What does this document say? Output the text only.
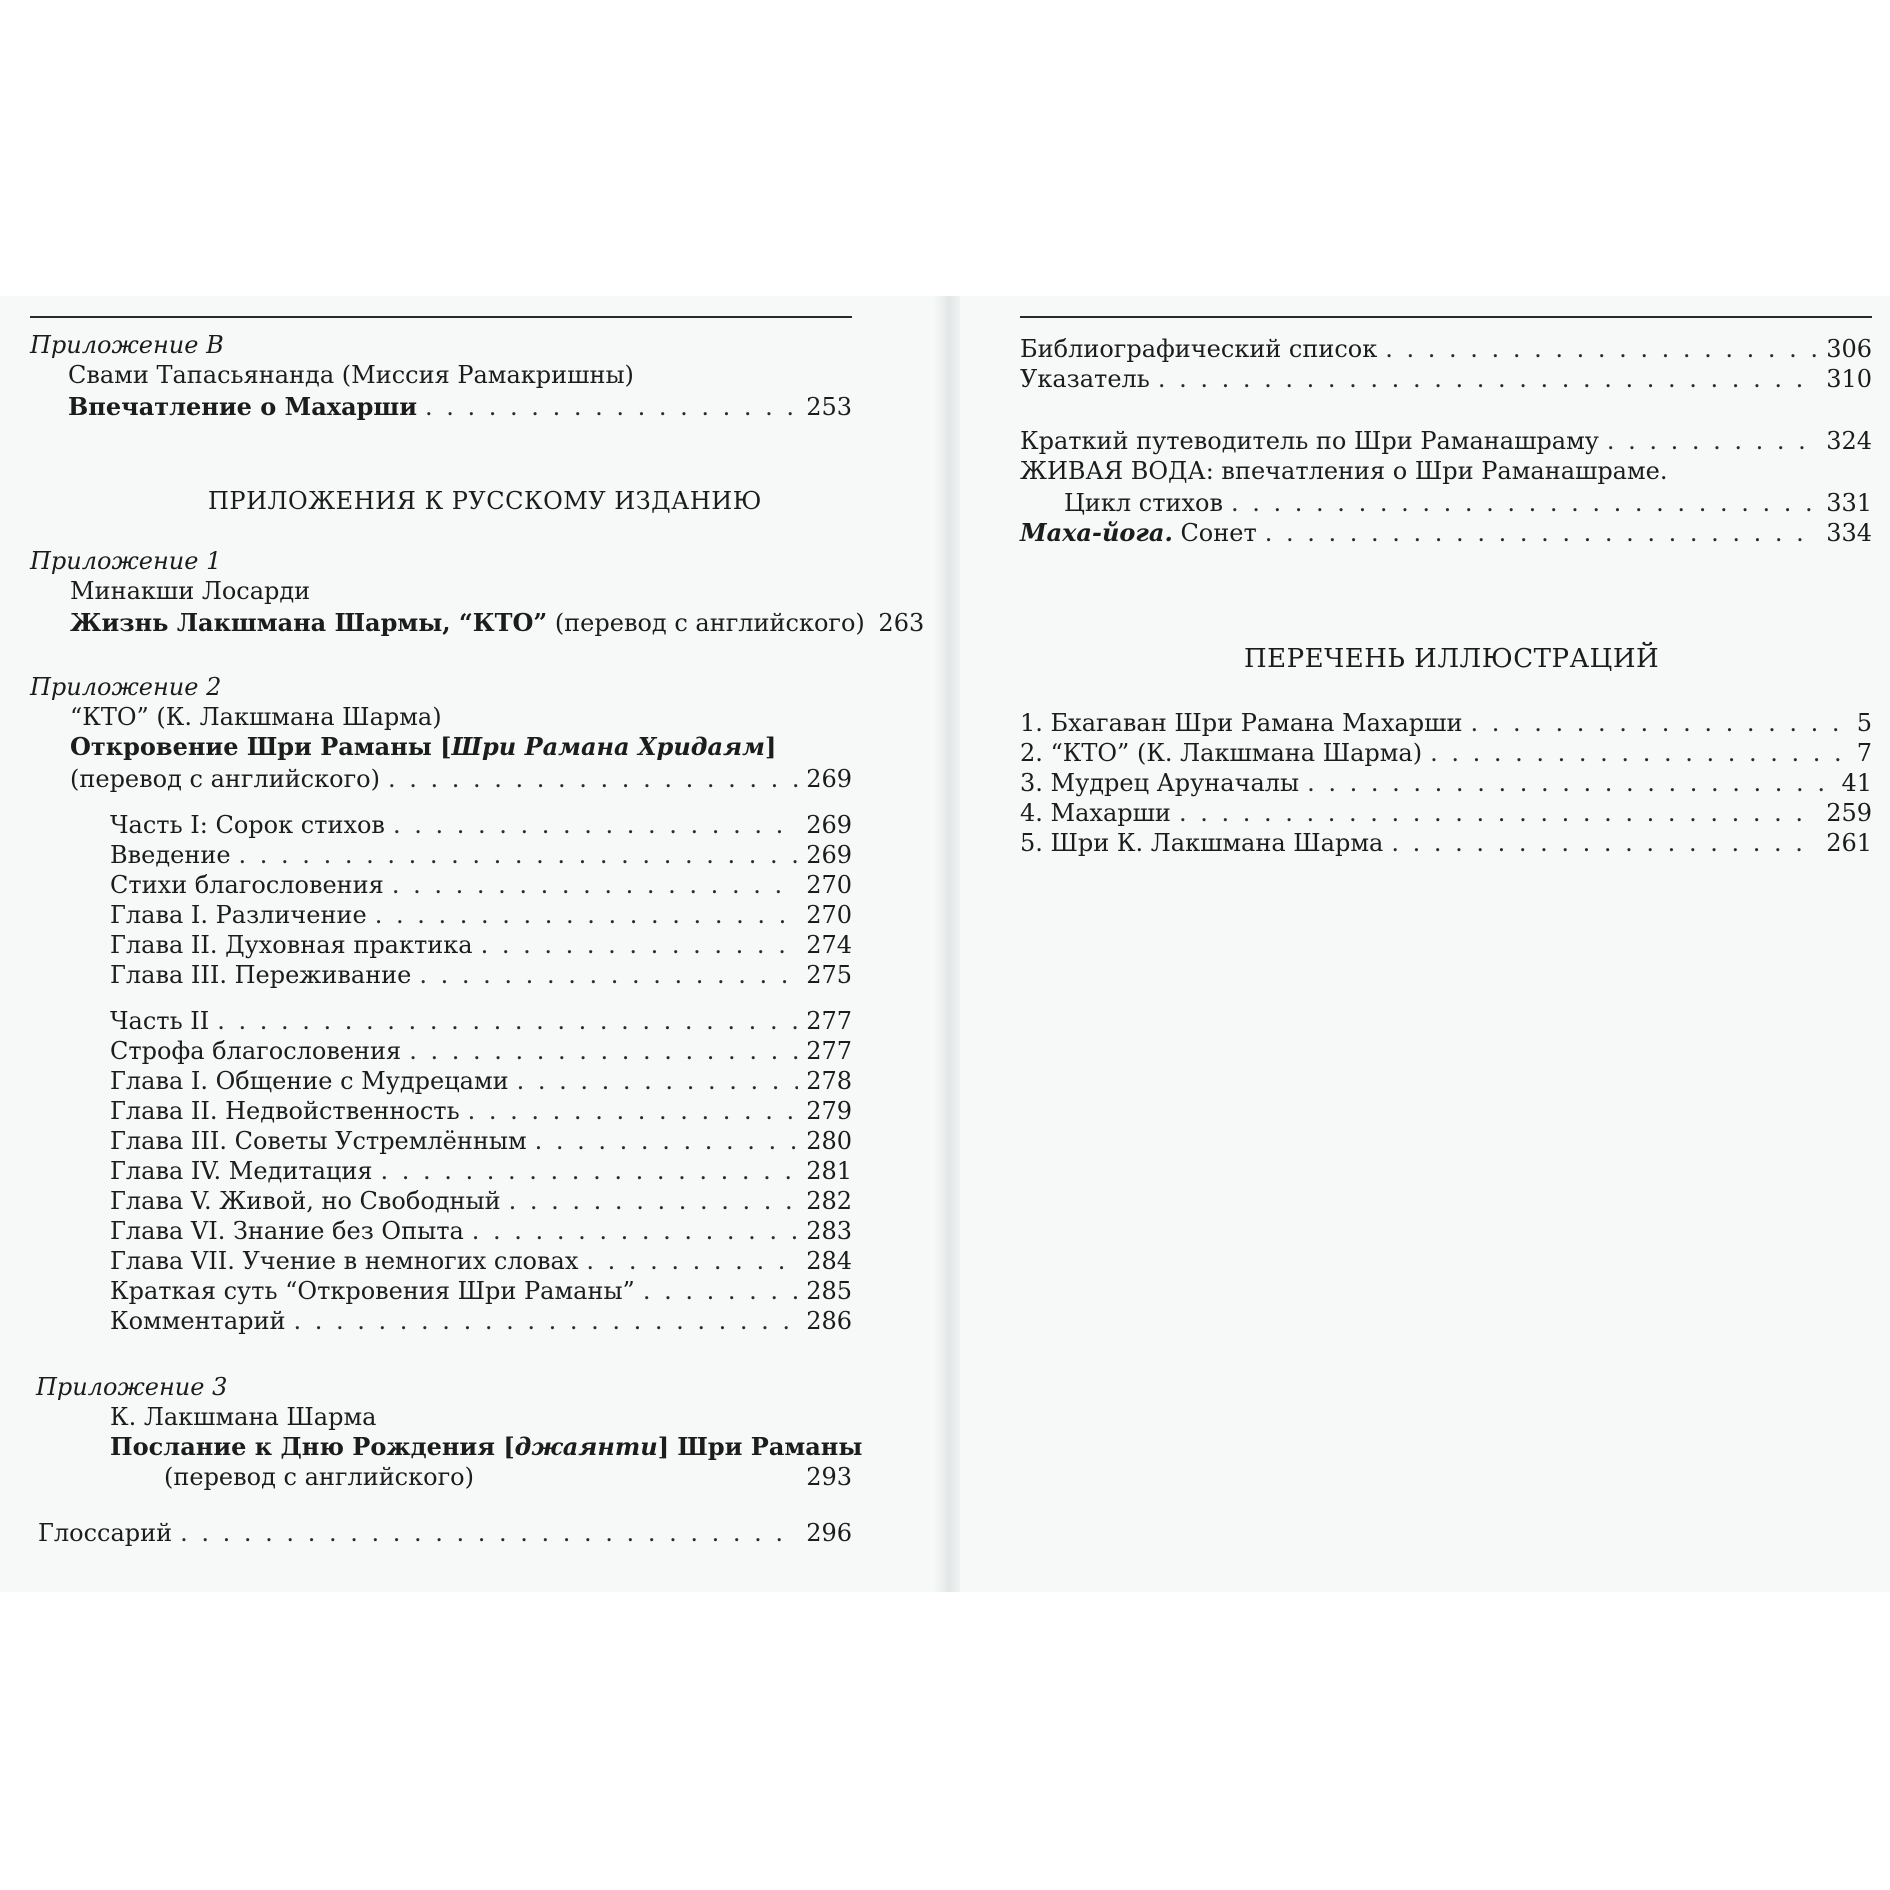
Приложение В
Свами Тапасьянанда (Миссия Рамакришны)
Впечатление о Махарши . . .	253
ПРИЛОЖЕНИЯ К РУССКОМУ ИЗДАНИЮ
Приложение 1
Минакши Лосарди
Жизнь Лакшмана Шармы, “КТО” (перевод с английского) 263
Приложение 2
“КТО” (К. Лакшмана Шарма)
Откровение Шри Раманы [Шри Рамана Хридаям]
(перевод с английского) . . .	269
Часть I: Сорок стихов . . .	269
Введение . . .	269
Стихи благословения . . .	270
Глава I. Различение . . .	270
Глава II. Духовная практика . . .	274
Глава III. Переживание . . .	275
Часть II . . .	277
Строфа благословения . . .	277
Глава I. Общение с Мудрецами . . .	278
Глава II. Недвойственность . . .	279
Глава III. Советы Устремлённым . . .	280
Глава IV. Медитация . . .	281
Глава V. Живой, но Свободный . . .	282
Глава VI. Знание без Опыта . . .	283
Глава VII. Учение в немногих словах . . .	284
Краткая суть “Откровения Шри Раманы” . . .	285
Комментарий . . .	286
Приложение 3
К. Лакшмана Шарма
Послание к Дню Рождения [джаянти] Шри Раманы
(перевод с английского)	293
Глоссарий . . .	296
Библиографический список . . .	306
Указатель . . .	310
Краткий путеводитель по Шри Раманашраму . . .	324
ЖИВАЯ ВОДА: впечатления о Шри Раманашраме.
Цикл стихов . . .	331
Маха-йога. Сонет . . .	334
ПЕРЕЧЕНЬ ИЛЛЮСТРАЦИЙ
1. Бхагаван Шри Рамана Махарши . . .	5
2. “КТО” (К. Лакшмана Шарма) . . .	7
3. Мудрец Аруначалы . . .	41
4. Махарши . . .	259
5. Шри К. Лакшмана Шарма . . .	261
